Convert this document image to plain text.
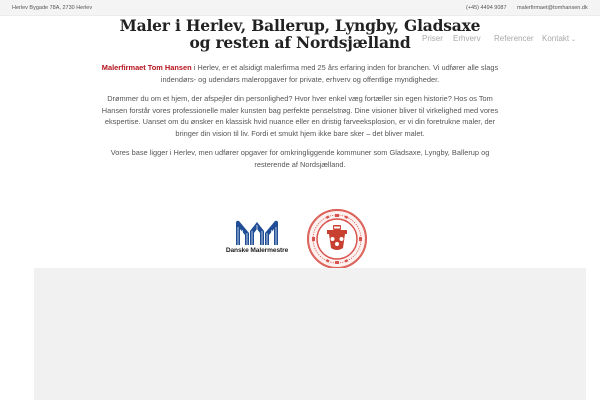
Herlev Bygade 78A, 2730 Herlev	(+45) 4494 9087 malerfirmaet@tomhansen.dk
Priser Erhverv Referencer Kontakt ⌄
Maler i Herlev, Ballerup, Lyngby, Gladsaxe
og resten af Nordsjælland

Malerfirmaet Tom Hansen i Herlev, er et alsidigt malerfirma med 25 års erfaring inden for branchen. Vi udfører alle slags indendørs- og udendørs maleropgaver for private, erhverv og offentlige myndigheder.

Drømmer du om et hjem, der afspejler din personlighed? Hvor hver enkel væg fortæller sin egen historie? Hos os Tom Hansen forstår vores professionelle maler kunsten bag perfekte penselstrøg. Dine visioner bliver til virkelighed med vores ekspertise. Uanset om du ønsker en klassisk hvid nuance eller en dristig farveeksplosion, er vi din foretrukne maler, der bringer din vision til liv. Fordi et smukt hjem ikke bare sker – det bliver malet.

Vores base ligger i Herlev, men udfører opgaver for omkringliggende kommuner som Gladsaxe, Lyngby, Ballerup og resterende af Nordsjælland.

Danske Malermestre
